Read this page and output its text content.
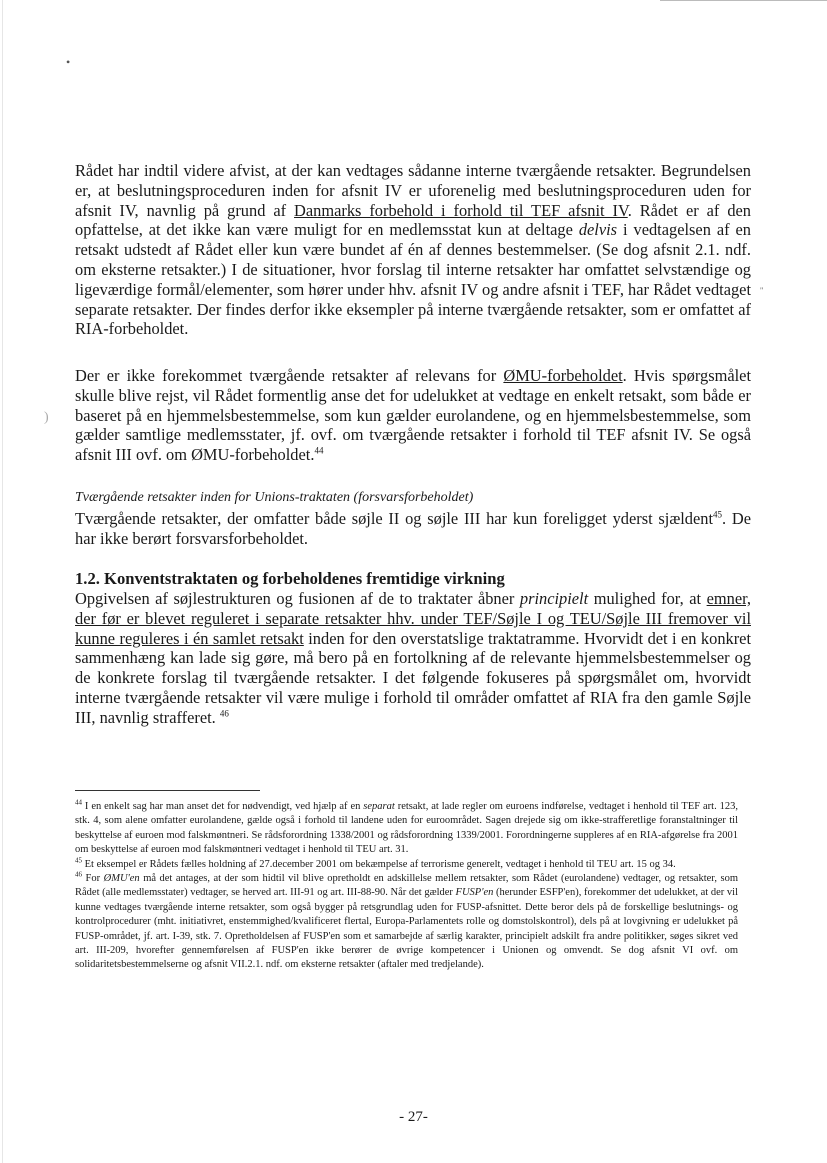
•
"
)

Rådet har indtil videre afvist, at der kan vedtages sådanne interne tværgående retsakter. Begrundelsen er, at beslutningsproceduren inden for afsnit IV er uforenelig med beslutningsproceduren uden for afsnit IV, navnlig på grund af Danmarks forbehold i forhold til TEF afsnit IV. Rådet er af den opfattelse, at det ikke kan være muligt for en medlemsstat kun at deltage delvis i vedtagelsen af en retsakt udstedt af Rådet eller kun være bundet af én af dennes bestemmelser. (Se dog afsnit 2.1. ndf. om eksterne retsakter.) I de situationer, hvor forslag til interne retsakter har omfattet selvstændige og ligeværdige formål/elementer, som hører under hhv. afsnit IV og andre afsnit i TEF, har Rådet vedtaget separate retsakter. Der findes derfor ikke eksempler på interne tværgående retsakter, som er omfattet af RIA-forbeholdet.

Der er ikke forekommet tværgående retsakter af relevans for ØMU-forbeholdet. Hvis spørgsmålet skulle blive rejst, vil Rådet formentlig anse det for udelukket at vedtage en enkelt retsakt, som både er baseret på en hjemmelsbestemmelse, som kun gælder eurolandene, og en hjemmelsbestemmelse, som gælder samtlige medlemsstater, jf. ovf. om tværgående retsakter i forhold til TEF afsnit IV. Se også afsnit III ovf. om ØMU-forbeholdet.$^{44}$

Tværgående retsakter inden for Unions-traktaten (forsvarsforbeholdet)

Tværgående retsakter, der omfatter både søjle II og søjle III har kun foreligget yderst sjældent$^{45}$. De har ikke berørt forsvarsforbeholdet.

1.2. Konventstraktaten og forbeholdenes fremtidige virkning

Opgivelsen af søjlestrukturen og fusionen af de to traktater åbner principielt mulighed for, at emner, der før er blevet reguleret i separate retsakter hhv. under TEF/Søjle I og TEU/Søjle III fremover vil kunne reguleres i én samlet retsakt inden for den overstatslige traktatramme. Hvorvidt det i en konkret sammenhæng kan lade sig gøre, må bero på en fortolkning af de relevante hjemmelsbestemmelser og de konkrete forslag til tværgående retsakter. I det følgende fokuseres på spørgsmålet om, hvorvidt interne tværgående retsakter vil være mulige i forhold til områder omfattet af RIA fra den gamle Søjle III, navnlig strafferet. $^{46}$

$^{44}$ I en enkelt sag har man anset det for nødvendigt, ved hjælp af en separat retsakt, at lade regler om euroens indførelse, vedtaget i henhold til TEF art. 123, stk. 4, som alene omfatter eurolandene, gælde også i forhold til landene uden for euroområdet. Sagen drejede sig om ikke-strafferetlige foranstaltninger til beskyttelse af euroen mod falskmøntneri. Se rådsforordning 1338/2001 og rådsforordning 1339/2001. Forordningerne suppleres af en RIA-afgørelse fra 2001 om beskyttelse af euroen mod falskmøntneri vedtaget i henhold til TEU art. 31.

$^{45}$ Et eksempel er Rådets fælles holdning af 27.december 2001 om bekæmpelse af terrorisme generelt, vedtaget i henhold til TEU art. 15 og 34.

$^{46}$ For ØMU'en må det antages, at der som hidtil vil blive opretholdt en adskillelse mellem retsakter, som Rådet (eurolandene) vedtager, og retsakter, som Rådet (alle medlemsstater) vedtager, se herved art. III-91 og art. III-88-90. Når det gælder FUSP'en (herunder ESFP'en), forekommer det udelukket, at der vil kunne vedtages tværgående interne retsakter, som også bygger på retsgrundlag uden for FUSP-afsnittet. Dette beror dels på de forskellige beslutnings- og kontrolprocedurer (mht. initiativret, enstemmighed/kvalificeret flertal, Europa-Parlamentets rolle og domstolskontrol), dels på at lovgivning er udelukket på FUSP-området, jf. art. I-39, stk. 7. Opretholdelsen af FUSP'en som et samarbejde af særlig karakter, principielt adskilt fra andre politikker, søges sikret ved art. III-209, hvorefter gennemførelsen af FUSP'en ikke berører de øvrige kompetencer i Unionen og omvendt. Se dog afsnit VI ovf. om solidaritetsbestemmelserne og afsnit VII.2.1. ndf. om eksterne retsakter (aftaler med tredjelande).

- 27-
